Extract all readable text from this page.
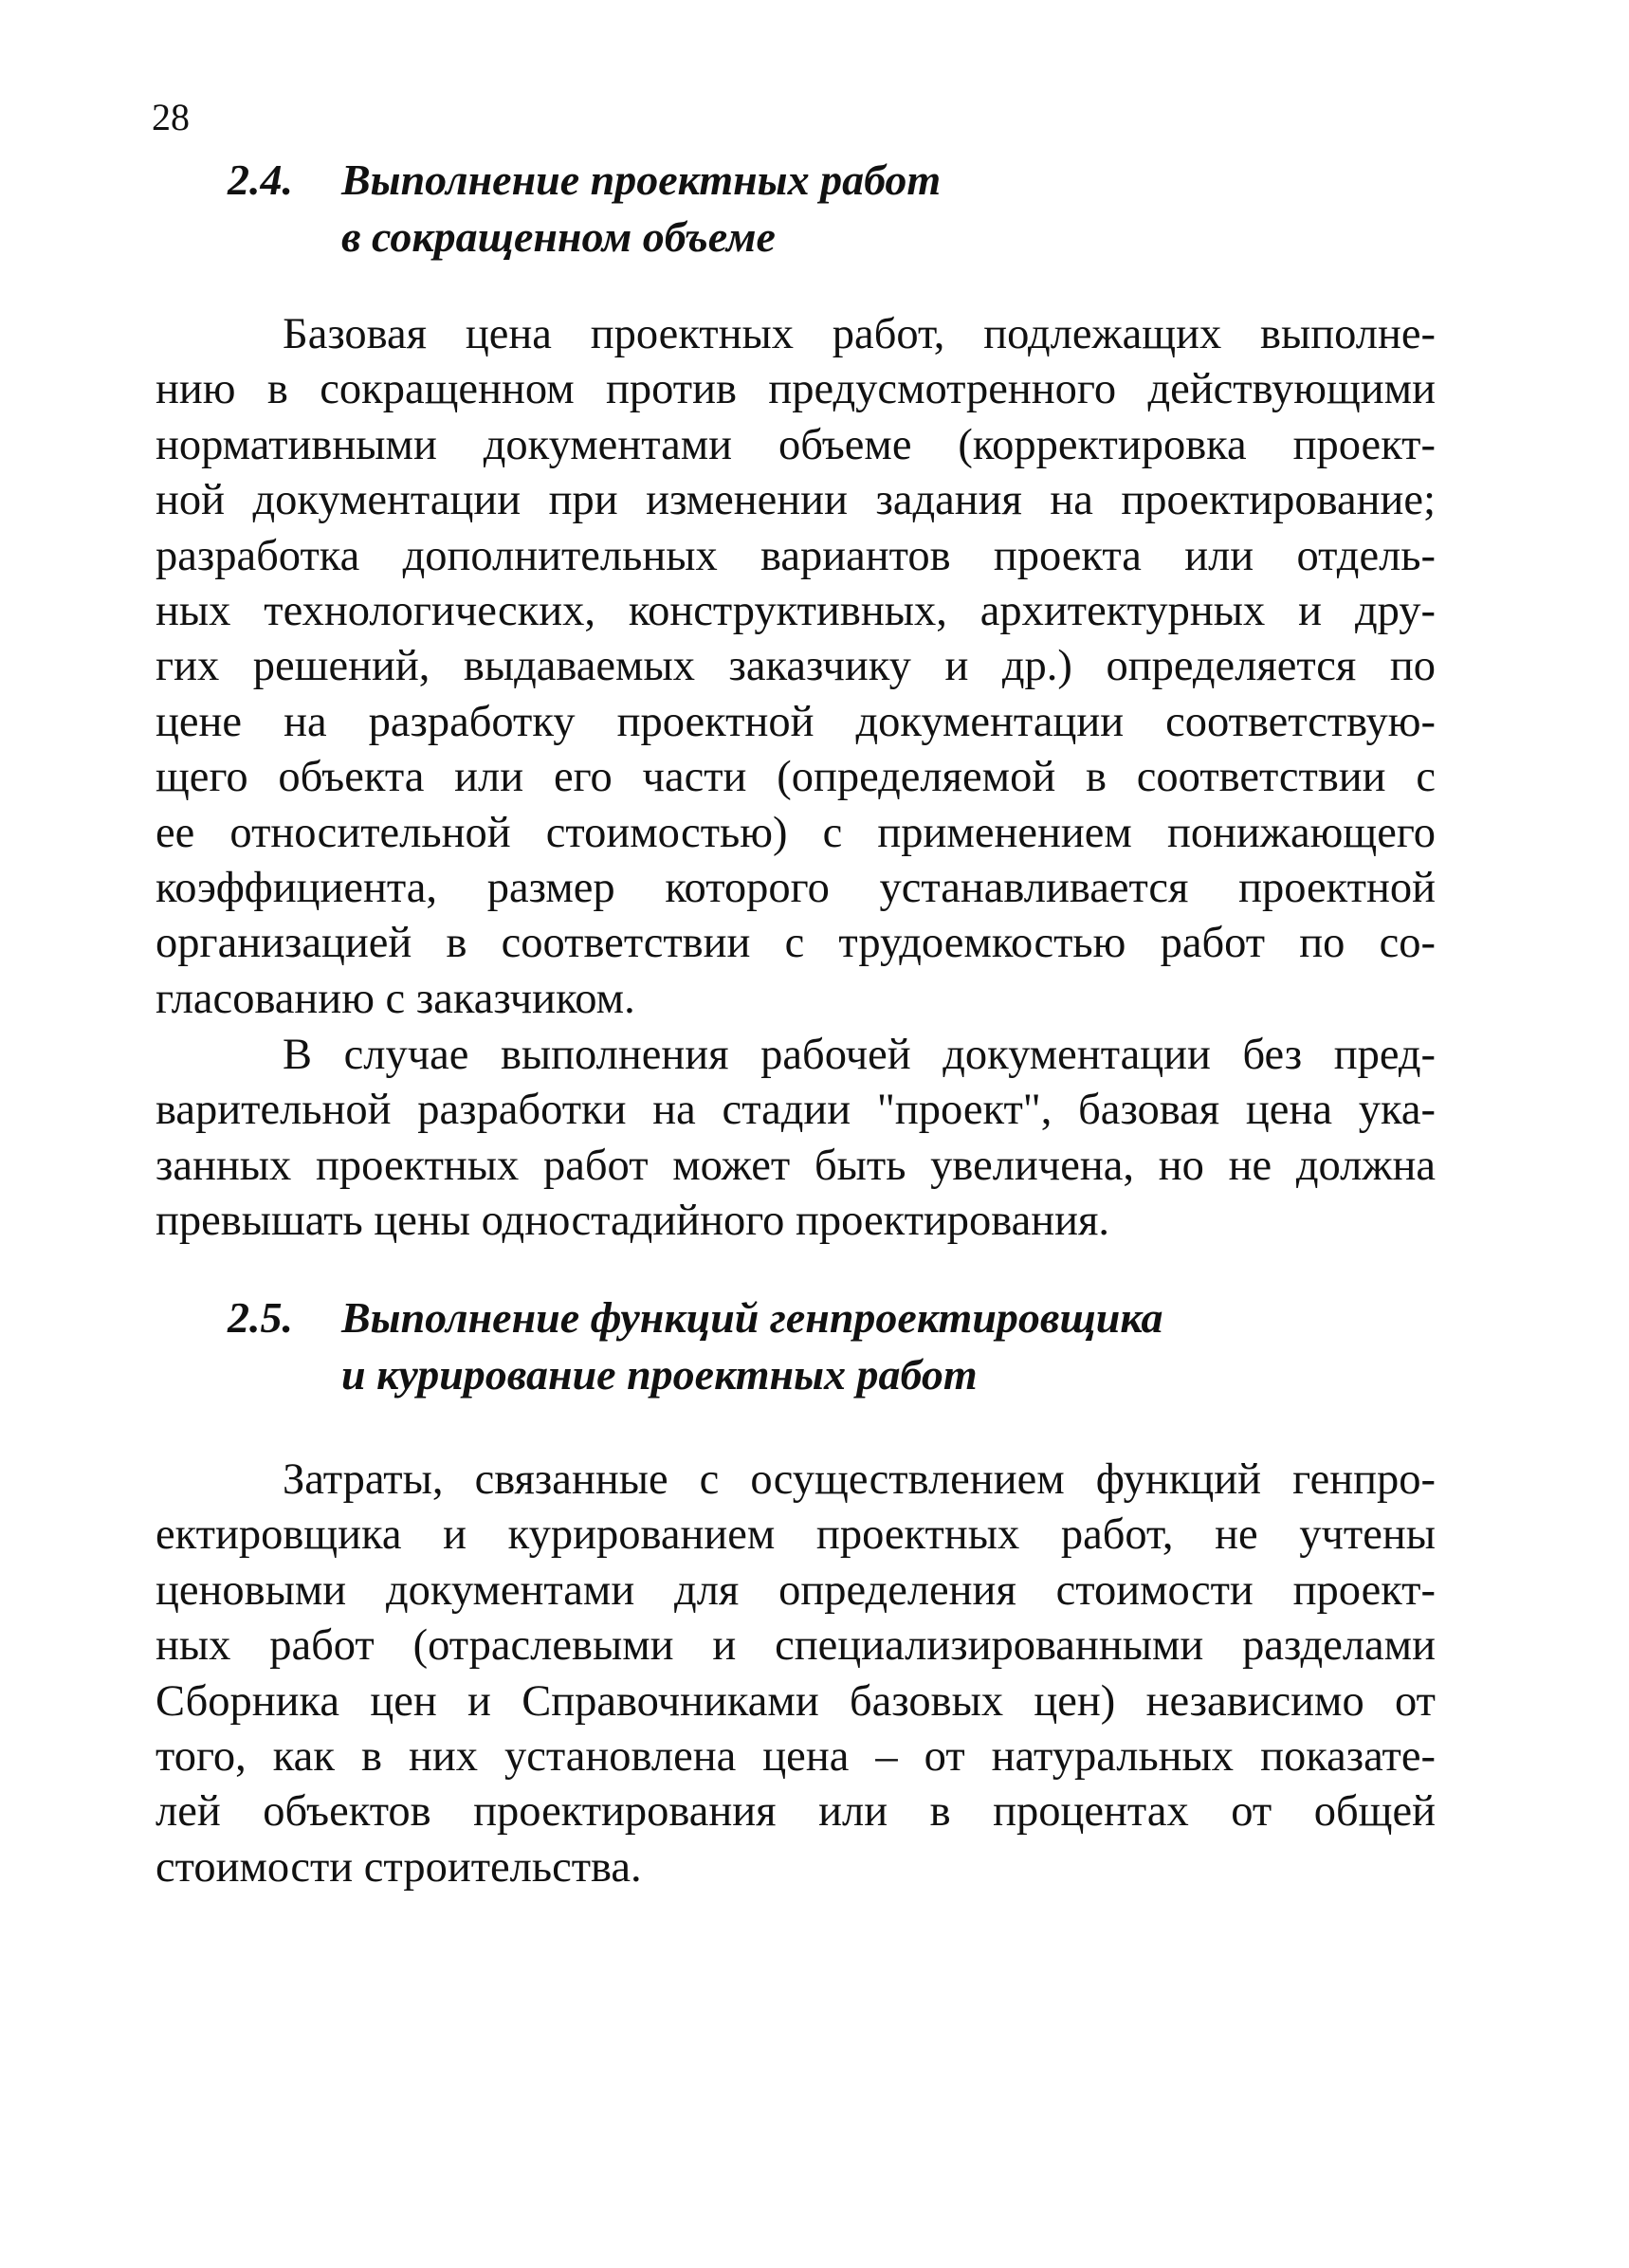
28
2.4. Выполнение проектных работ
в сокращенном объеме

Базовая цена проектных работ, подлежащих выполне-
нию в сокращенном против предусмотренного действующими
нормативными документами объеме (корректировка проект-
ной документации при изменении задания на проектирование;
разработка дополнительных вариантов проекта или отдель-
ных технологических, конструктивных, архитектурных и дру-
гих решений, выдаваемых заказчику и др.) определяется по
цене на разработку проектной документации соответствую-
щего объекта или его части (определяемой в соответствии с
ее относительной стоимостью) с применением понижающего
коэффициента, размер которого устанавливается проектной
организацией в соответствии с трудоемкостью работ по со-
гласованию с заказчиком.

В случае выполнения рабочей документации без пред-
варительной разработки на стадии "проект", базовая цена ука-
занных проектных работ может быть увеличена, но не должна
превышать цены одностадийного проектирования.

2.5. Выполнение функций генпроектировщика
и курирование проектных работ

Затраты, связанные с осуществлением функций генпро-
ектировщика и курированием проектных работ, не учтены
ценовыми документами для определения стоимости проект-
ных работ (отраслевыми и специализированными разделами
Сборника цен и Справочниками базовых цен) независимо от
того, как в них установлена цена – от натуральных показате-
лей объектов проектирования или в процентах от общей
стоимости строительства.
